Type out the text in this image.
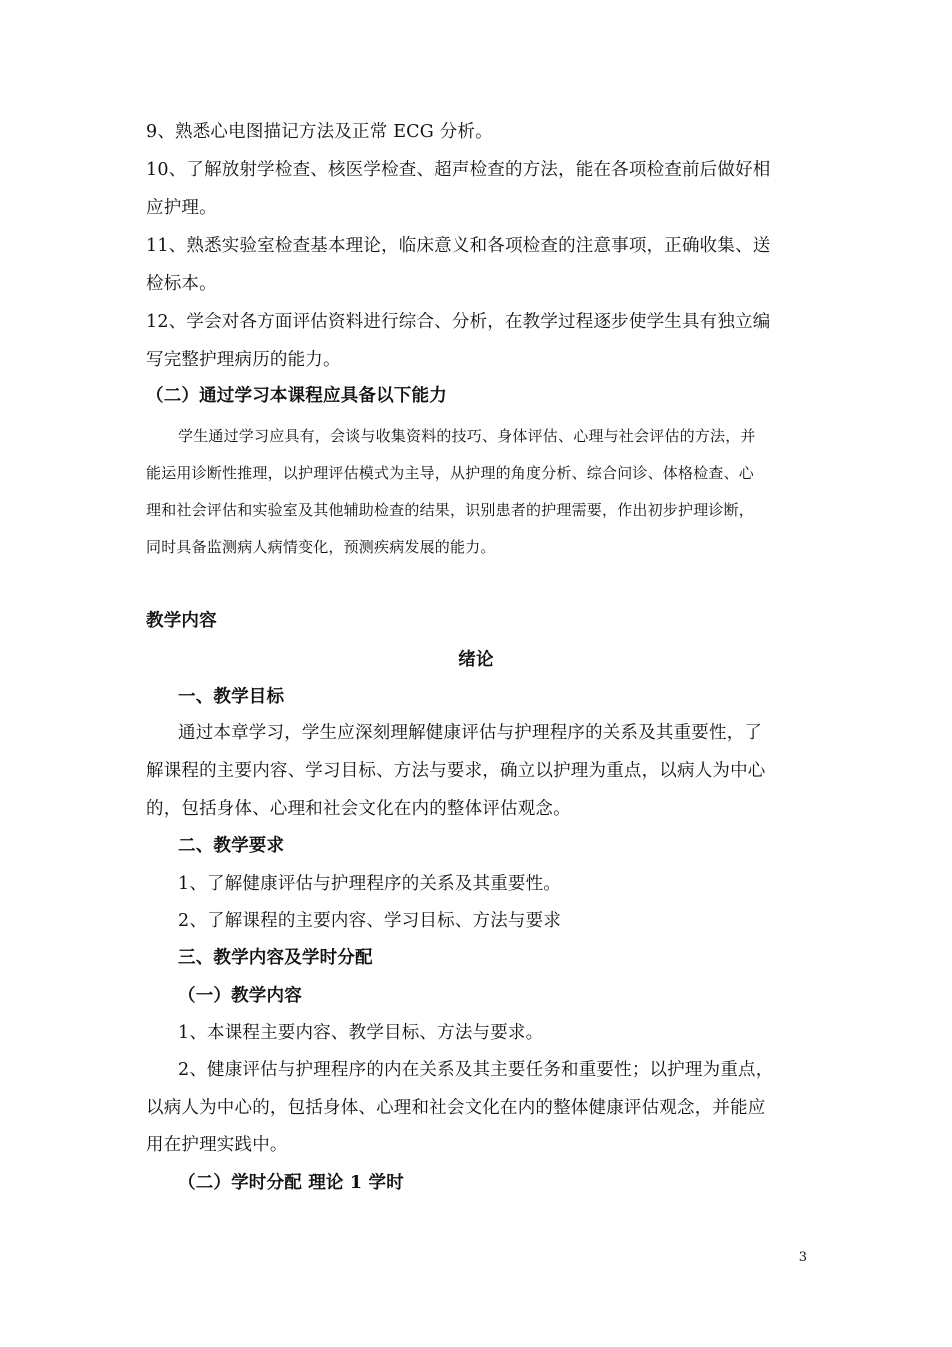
9、熟悉心电图描记方法及正常 ECG 分析。
10、了解放射学检查、核医学检查、超声检查的方法，能在各项检查前后做好相
应护理。
11、熟悉实验室检查基本理论，临床意义和各项检查的注意事项，正确收集、送
检标本。
12、学会对各方面评估资料进行综合、分析，在教学过程逐步使学生具有独立编
写完整护理病历的能力。
（二）通过学习本课程应具备以下能力
学生通过学习应具有，会谈与收集资料的技巧、身体评估、心理与社会评估的方法，并
能运用诊断性推理，以护理评估模式为主导，从护理的角度分析、综合问诊、体格检查、心
理和社会评估和实验室及其他辅助检查的结果，识别患者的护理需要，作出初步护理诊断，
同时具备监测病人病情变化，预测疾病发展的能力。
教学内容
绪论
一、教学目标
通过本章学习，学生应深刻理解健康评估与护理程序的关系及其重要性，了
解课程的主要内容、学习目标、方法与要求，确立以护理为重点，以病人为中心
的，包括身体、心理和社会文化在内的整体评估观念。
二、教学要求
1、了解健康评估与护理程序的关系及其重要性。
2、了解课程的主要内容、学习目标、方法与要求
三、教学内容及学时分配
（一）教学内容
1、本课程主要内容、教学目标、方法与要求。
2、健康评估与护理程序的内在关系及其主要任务和重要性；以护理为重点，
以病人为中心的，包括身体、心理和社会文化在内的整体健康评估观念，并能应
用在护理实践中。
（二）学时分配 理论 1 学时
3
